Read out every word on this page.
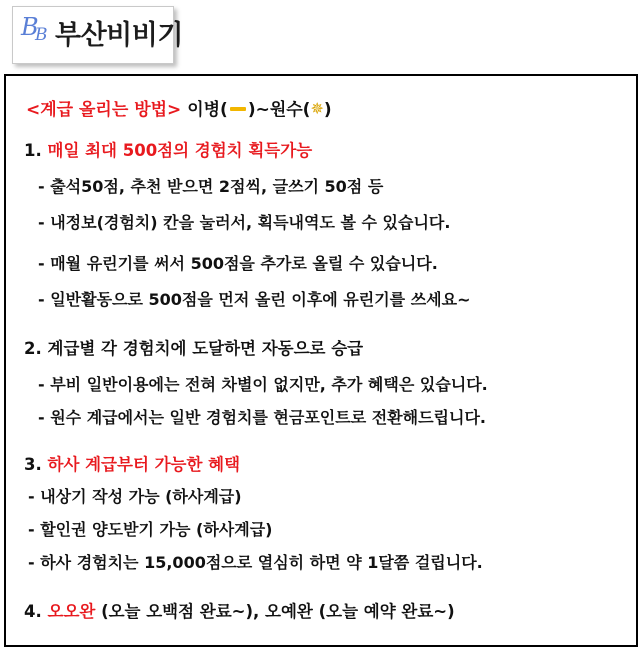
B
B 부산비비기
<계급 올리는 방법> 이병( )~원수(✵)
1. 매일 최대 500점의 경험치 획득가능
- 출석50점, 추천 받으면 2점씩, 글쓰기 50점 등
- 내정보(경험치) 칸을 눌러서, 획득내역도 볼 수 있습니다.
- 매월 유린기를 써서 500점을 추가로 올릴 수 있습니다.
- 일반활동으로 500점을 먼저 올린 이후에 유린기를 쓰세요~
2. 계급별 각 경험치에 도달하면 자동으로 승급
- 부비 일반이용에는 전혀 차별이 없지만, 추가 혜택은 있습니다.
- 원수 계급에서는 일반 경험치를 현금포인트로 전환해드립니다.
3. 하사 계급부터 가능한 혜택
- 내상기 작성 가능 (하사계급)
- 할인권 양도받기 가능 (하사계급)
- 하사 경험치는 15,000점으로 열심히 하면 약 1달쯤 걸립니다.
4. 오오완 (오늘 오백점 완료~), 오예완 (오늘 예약 완료~)
